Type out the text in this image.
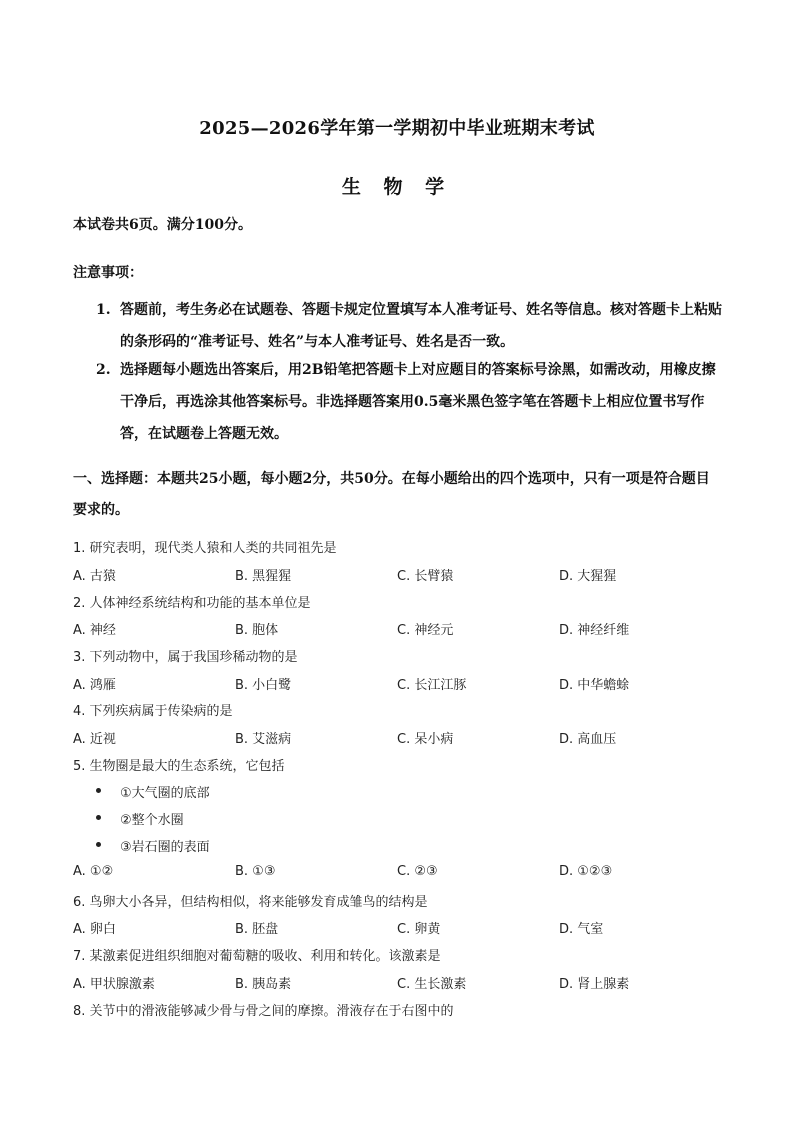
2025—2026学年第一学期初中毕业班期末考试
生 物 学
本试卷共6页。满分100分。
注意事项：
1. 答题前，考生务必在试题卷、答题卡规定位置填写本人准考证号、姓名等信息。核对答题卡上粘贴的条形码的“准考证号、姓名”与本人准考证号、姓名是否一致。
2. 选择题每小题选出答案后，用2B铅笔把答题卡上对应题目的答案标号涂黑，如需改动，用橡皮擦干净后，再选涂其他答案标号。非选择题答案用0.5毫米黑色签字笔在答题卡上相应位置书写作答，在试题卷上答题无效。
一、选择题：本题共25小题，每小题2分，共50分。在每小题给出的四个选项中，只有一项是符合题目要求的。
1. 研究表明，现代类人猿和人类的共同祖先是
A. 古猿	B. 黑猩猩	C. 长臂猿	D. 大猩猩
2. 人体神经系统结构和功能的基本单位是
A. 神经	B. 胞体	C. 神经元	D. 神经纤维
3. 下列动物中，属于我国珍稀动物的是
A. 鸿雁	B. 小白鹭	C. 长江江豚	D. 中华蟾蜍
4. 下列疾病属于传染病的是
A. 近视	B. 艾滋病	C. 呆小病	D. 高血压
5. 生物圈是最大的生态系统，它包括
①大气圈的底部
②整个水圈
③岩石圈的表面
A. ①②	B. ①③	C. ②③	D. ①②③
6. 鸟卵大小各异，但结构相似，将来能够发育成雏鸟的结构是
A. 卵白	B. 胚盘	C. 卵黄	D. 气室
7. 某激素促进组织细胞对葡萄糖的吸收、利用和转化。该激素是
A. 甲状腺激素	B. 胰岛素	C. 生长激素	D. 肾上腺素
8. 关节中的滑液能够减少骨与骨之间的摩擦。滑液存在于右图中的
